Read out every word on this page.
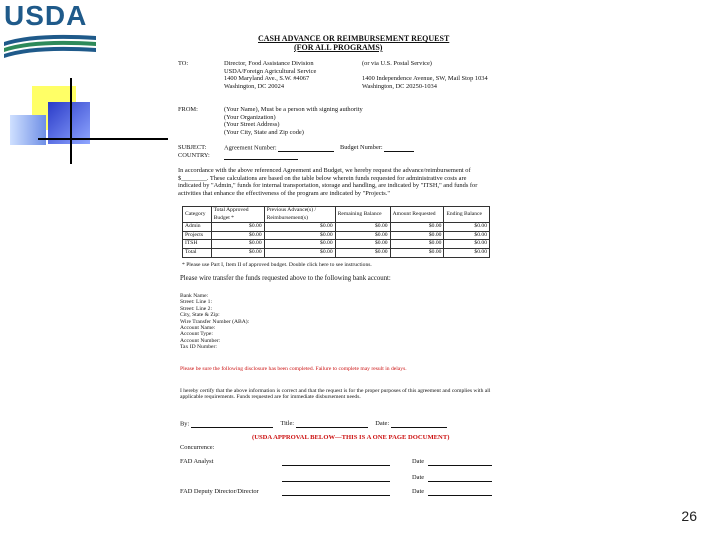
USDA
CASH ADVANCE OR REIMBURSEMENT REQUEST
(FOR ALL PROGRAMS)
TO:	Director, Food Assistance Division
USDA/Foreign Agricultural Service
1400 Maryland Ave., S.W. #4067
Washington, DC 20024
(or via U.S. Postal Service)
1400 Independence Avenue, SW, Mail Stop 1034
Washington, DC 20250-1034
FROM:	(Your Name), Must be a person with signing authority
(Your Organization)
(Your Street Address)
(Your City, State and Zip code)
SUBJECT:	Agreement Number:	Budget Number:
COUNTRY:
In accordance with the above referenced Agreement and Budget, we hereby request the advance/reimbursement of $________. These calculations are based on the table below wherein funds requested for administrative costs are indicated by "Admin," funds for internal transportation, storage and handling, are indicated by "ITSH," and funds for activities that enhance the effectiveness of the program are indicated by "Projects."
Category	Total Approved Budget *	Previous Advance(s) / Reimbursement(s)	Remaining Balance	Amount Requested	Ending Balance
Admin	$0.00	$0.00	$0.00	$0.00	$0.00
Projects	$0.00	$0.00	$0.00	$0.00	$0.00
ITSH	$0.00	$0.00	$0.00	$0.00	$0.00
Total	$0.00	$0.00	$0.00	$0.00	$0.00
* Please use Part I, Item II of approved budget. Double click here to see instructions.
Please wire transfer the funds requested above to the following bank account:
Bank Name:
Street: Line 1:
Street: Line 2:
City, State & Zip:
Wire Transfer Number (ABA):
Account Name:
Account Type:
Account Number:
Tax ID Number:
Please be sure the following disclosure has been completed. Failure to complete may result in delays.
I hereby certify that the above information is correct and that the request is for the proper purposes of this agreement and complies with all applicable requirements. Funds requested are for immediate disbursement needs.
By:	Title:	Date:
(USDA APPROVAL BELOW—THIS IS A ONE PAGE DOCUMENT)
Concurrence:
FAD Analyst	Date
Date
FAD Deputy Director/Director	Date
26
